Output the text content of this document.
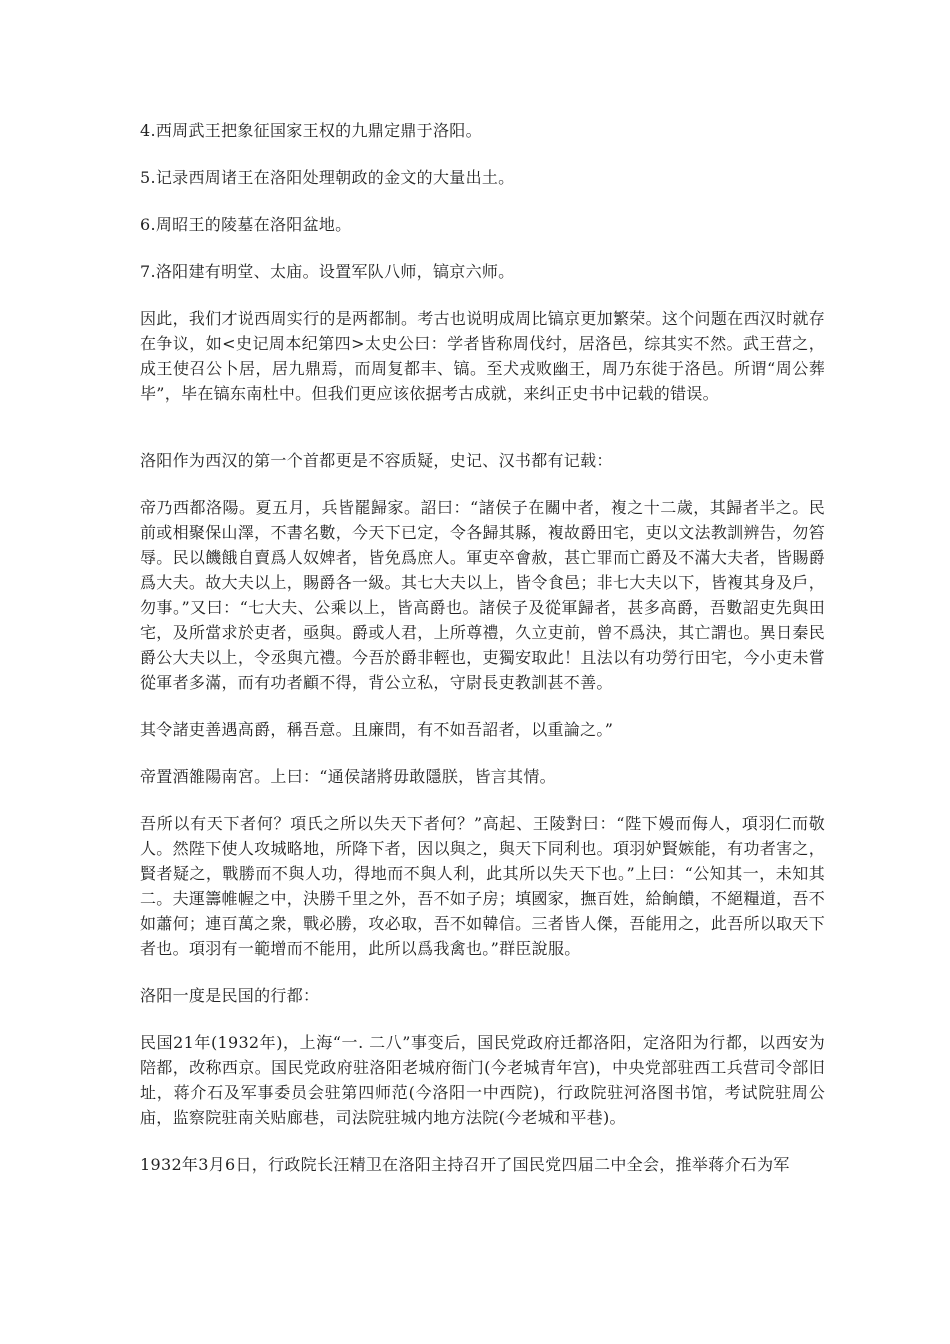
4.西周武王把象征国家王权的九鼎定鼎于洛阳。

5.记录西周诸王在洛阳处理朝政的金文的大量出土。

6.周昭王的陵墓在洛阳盆地。

7.洛阳建有明堂、太庙。设置军队八师，镐京六师。

因此，我们才说西周实行的是两都制。考古也说明成周比镐京更加繁荣。这个问题在西汉时就存在争议，如<史记周本纪第四>太史公曰：学者皆称周伐纣，居洛邑，综其实不然。武王营之，成王使召公卜居，居九鼎焉，而周复都丰、镐。至犬戎败幽王，周乃东徙于洛邑。所谓“周公葬毕”，毕在镐东南杜中。但我们更应该依据考古成就，来纠正史书中记载的错误。

洛阳作为西汉的第一个首都更是不容质疑，史记、汉书都有记载：

帝乃西都洛陽。夏五月，兵皆罷歸家。詔曰：“諸侯子在關中者，複之十二歲，其歸者半之。民前或相聚保山澤，不書名數，今天下已定，令各歸其縣，複故爵田宅，吏以文法教訓辨告，勿笞辱。民以饑餓自賣爲人奴婢者，皆免爲庶人。軍吏卒會赦，甚亡罪而亡爵及不滿大夫者，皆賜爵爲大夫。故大夫以上，賜爵各一級。其七大夫以上，皆令食邑；非七大夫以下，皆複其身及戶，勿事。”又曰：“七大夫、公乘以上，皆高爵也。諸侯子及從軍歸者，甚多高爵，吾數詔吏先與田宅，及所當求於吏者，亟與。爵或人君，上所尊禮，久立吏前，曾不爲決，其亡謂也。異日秦民爵公大夫以上，令丞與亢禮。今吾於爵非輕也，吏獨安取此！且法以有功勞行田宅，今小吏未嘗從軍者多滿，而有功者顧不得，背公立私，守尉長吏教訓甚不善。

其令諸吏善遇高爵，稱吾意。且廉問，有不如吾詔者，以重論之。”

帝置酒雒陽南宮。上曰：“通侯諸將毋敢隱朕，皆言其情。

吾所以有天下者何？項氏之所以失天下者何？”高起、王陵對曰：“陛下嫚而侮人，項羽仁而敬人。然陛下使人攻城略地，所降下者，因以與之，與天下同利也。項羽妒賢嫉能，有功者害之，賢者疑之，戰勝而不與人功，得地而不與人利，此其所以失天下也。”上曰：“公知其一，未知其二。夫運籌帷幄之中，決勝千里之外，吾不如子房；填國家，撫百姓，給餉饋，不絕糧道，吾不如蕭何；連百萬之衆，戰必勝，攻必取，吾不如韓信。三者皆人傑，吾能用之，此吾所以取天下者也。項羽有一範增而不能用，此所以爲我禽也。”群臣說服。

洛阳一度是民国的行都：

民国21年(1932年)，上海“一. 二八”事变后，国民党政府迁都洛阳，定洛阳为行都，以西安为陪都，改称西京。国民党政府驻洛阳老城府衙门(今老城青年宫)，中央党部驻西工兵营司令部旧址，蒋介石及军事委员会驻第四师范(今洛阳一中西院)，行政院驻河洛图书馆，考试院驻周公庙，监察院驻南关贴廊巷，司法院驻城内地方法院(今老城和平巷)。

1932年3月6日，行政院长汪精卫在洛阳主持召开了国民党四届二中全会，推举蒋介石为军
